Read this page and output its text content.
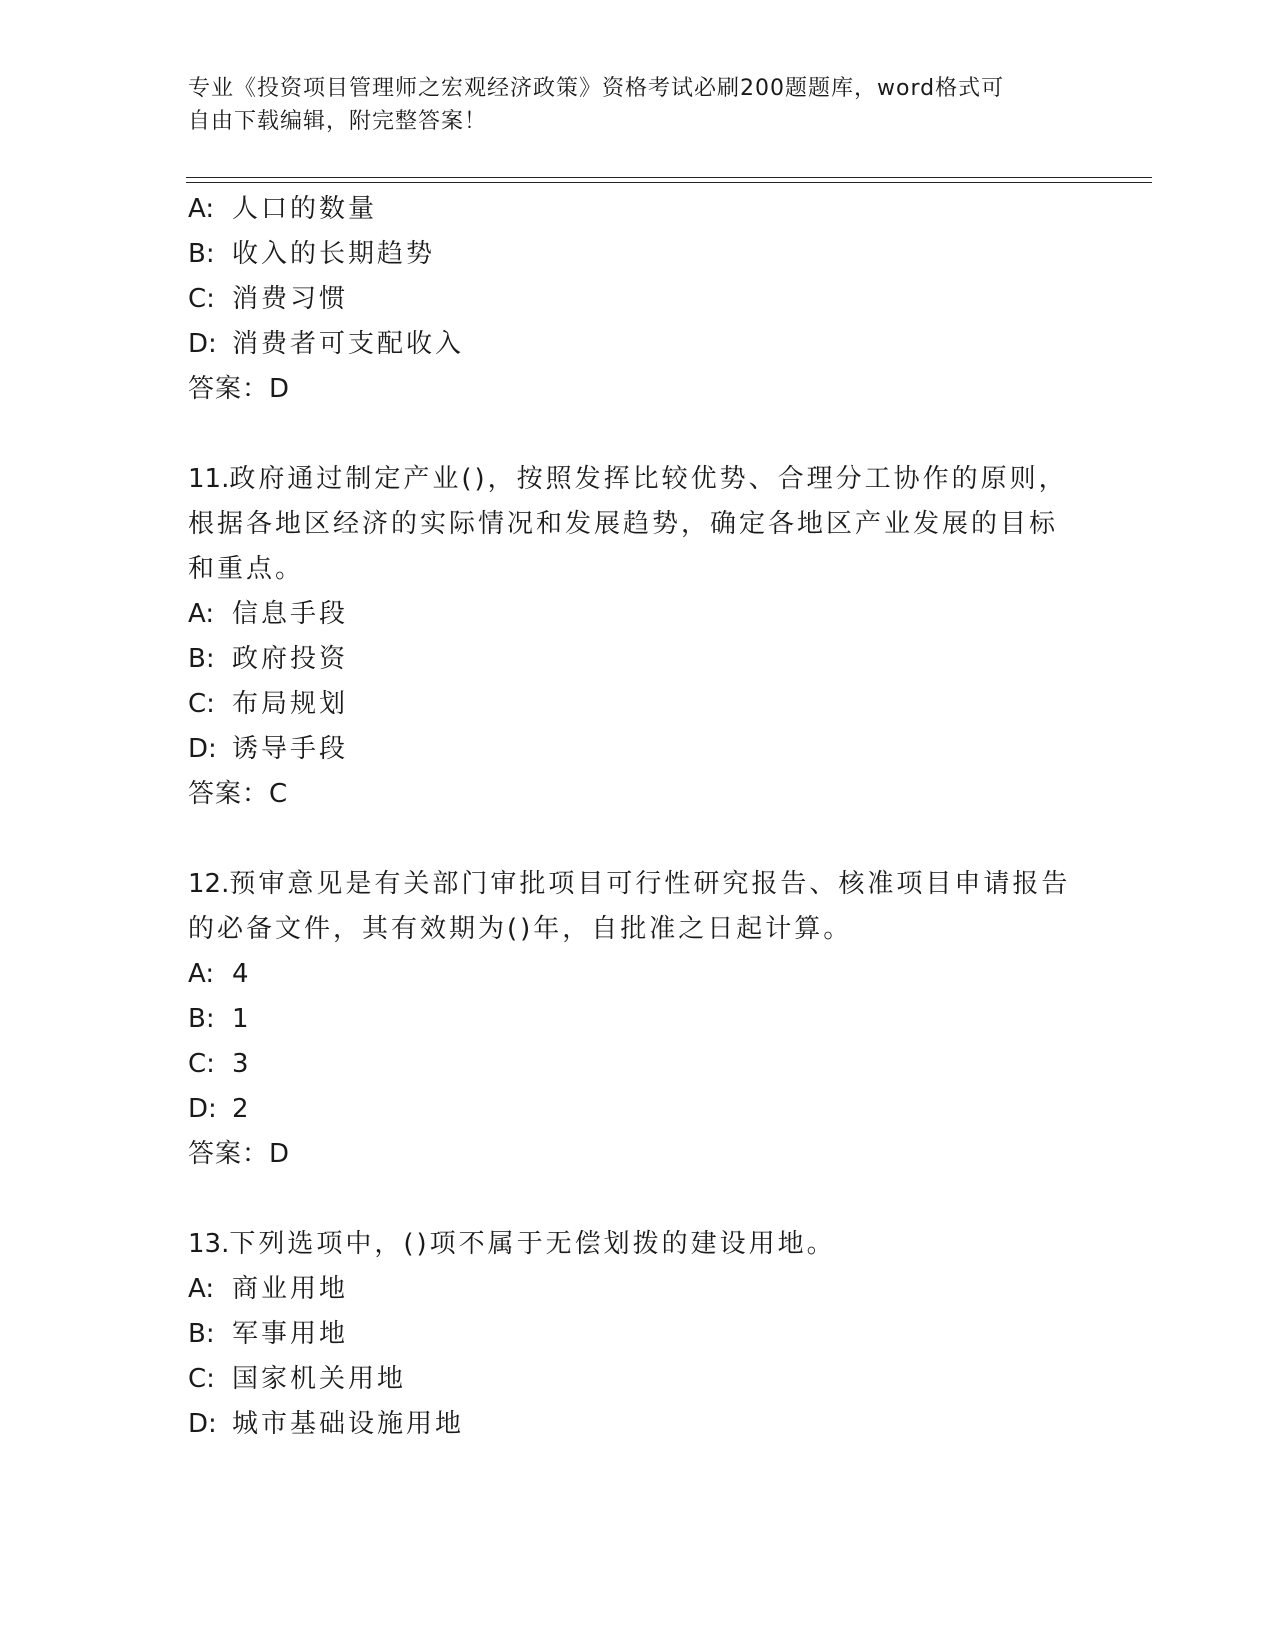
专业《投资项目管理师之宏观经济政策》资格考试必刷200题题库，word格式可
自由下载编辑，附完整答案！
A: 人口的数量
B: 收入的长期趋势
C: 消费习惯
D: 消费者可支配收入
答案：D
11.政府通过制定产业()，按照发挥比较优势、合理分工协作的原则，
根据各地区经济的实际情况和发展趋势，确定各地区产业发展的目标
和重点。
A: 信息手段
B: 政府投资
C: 布局规划
D: 诱导手段
答案：C
12.预审意见是有关部门审批项目可行性研究报告、核准项目申请报告
的必备文件，其有效期为()年，自批准之日起计算。
A: 4
B: 1
C: 3
D: 2
答案：D
13.下列选项中，()项不属于无偿划拨的建设用地。
A: 商业用地
B: 军事用地
C: 国家机关用地
D: 城市基础设施用地
